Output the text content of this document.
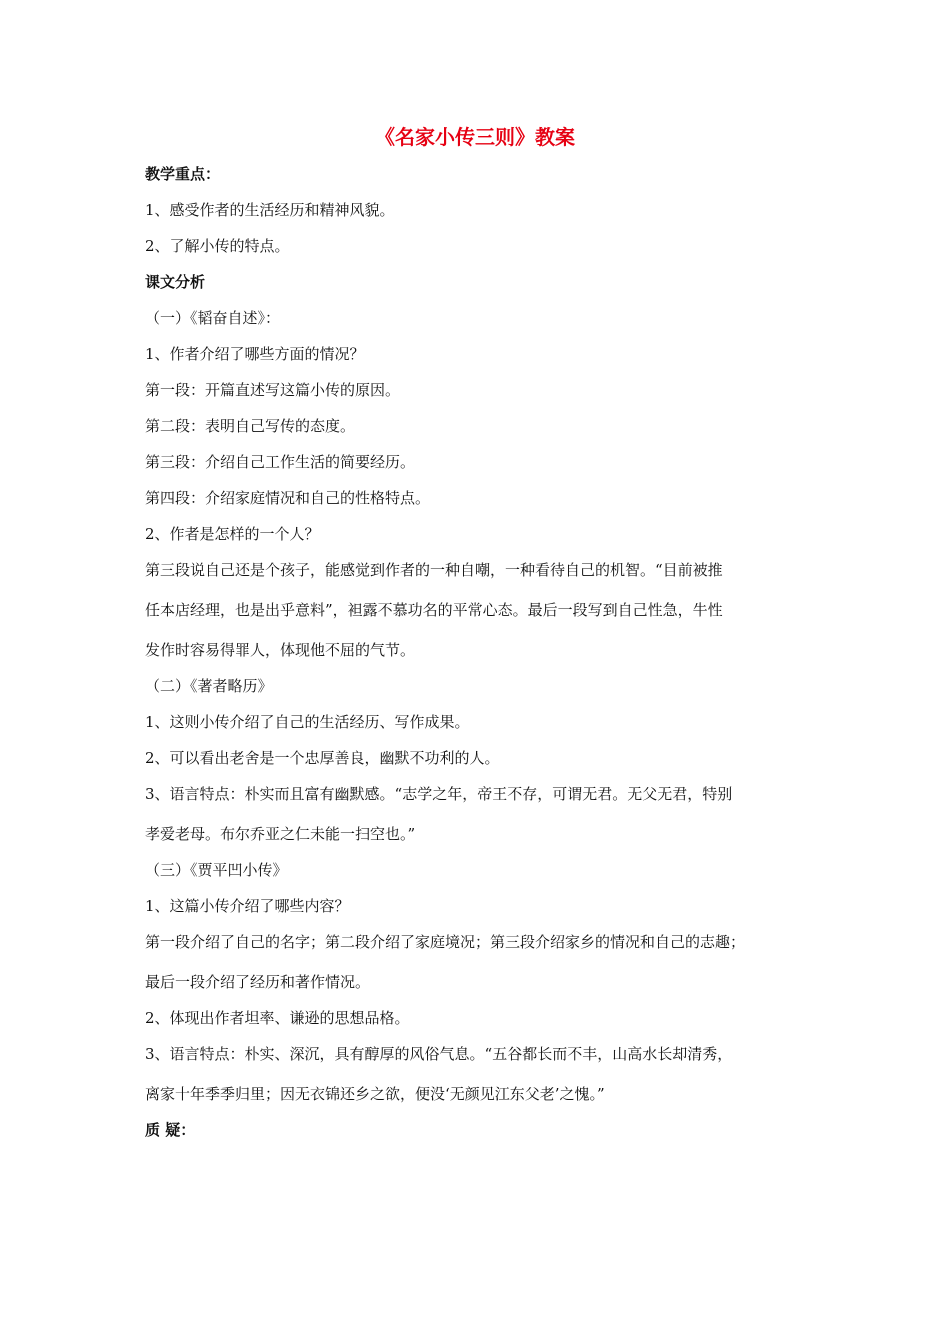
《名家小传三则》教案

教学重点：

1、感受作者的生活经历和精神风貌。

2、了解小传的特点。

课文分析

（一）《韬奋自述》：

1、作者介绍了哪些方面的情况？

第一段：开篇直述写这篇小传的原因。

第二段：表明自己写传的态度。

第三段：介绍自己工作生活的简要经历。

第四段：介绍家庭情况和自己的性格特点。

2、作者是怎样的一个人？

第三段说自己还是个孩子，能感觉到作者的一种自嘲，一种看待自己的机智。“目前被推

任本店经理，也是出乎意料”，袒露不慕功名的平常心态。最后一段写到自己性急，牛性

发作时容易得罪人，体现他不屈的气节。

（二）《著者略历》

1、这则小传介绍了自己的生活经历、写作成果。

2、可以看出老舍是一个忠厚善良，幽默不功利的人。

3、语言特点：朴实而且富有幽默感。“志学之年，帝王不存，可谓无君。无父无君，特别

孝爱老母。布尔乔亚之仁未能一扫空也。”

（三）《贾平凹小传》

1、这篇小传介绍了哪些内容？

第一段介绍了自己的名字；第二段介绍了家庭境况；第三段介绍家乡的情况和自己的志趣；

最后一段介绍了经历和著作情况。

2、体现出作者坦率、谦逊的思想品格。

3、语言特点：朴实、深沉，具有醇厚的风俗气息。“五谷都长而不丰，山高水长却清秀，

离家十年季季归里；因无衣锦还乡之欲，便没‘无颜见江东父老’之愧。”

质 疑：
